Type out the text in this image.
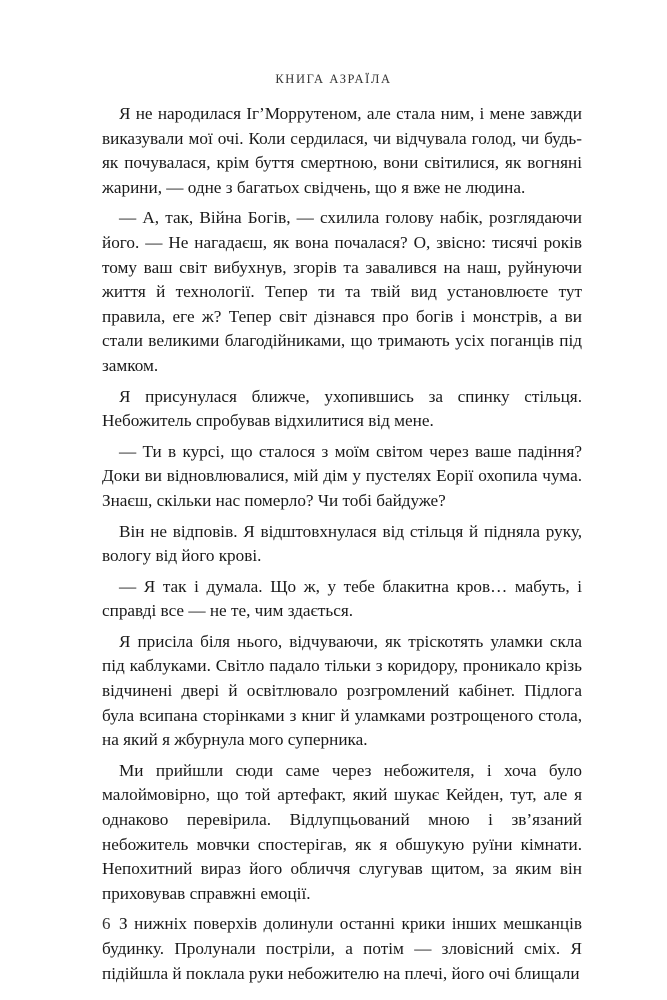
КНИГА АЗРАЇЛА

Я не народилася Іг’Моррутеном, але стала ним, і мене завжди виказували мої очі. Коли сердилася, чи відчувала голод, чи будь-як почувалася, крім буття смертною, вони світилися, як вогняні жарини, — одне з багатьох свідчень, що я вже не людина.

— А, так, Війна Богів, — схилила голову набік, розглядаючи його. — Не нагадаєш, як вона почалася? О, звісно: тисячі років тому ваш світ вибухнув, згорів та завалився на наш, руйнуючи життя й технології. Тепер ти та твій вид установлюєте тут правила, еге ж? Тепер світ дізнався про богів і монстрів, а ви стали великими благодійниками, що тримають усіх поганців під замком.

Я присунулася ближче, ухопившись за спинку стільця. Небожитель спробував відхилитися від мене.

— Ти в курсі, що сталося з моїм світом через ваше падіння? Доки ви відновлювалися, мій дім у пустелях Еорії охопила чума. Знаєш, скільки нас померло? Чи тобі байдуже?

Він не відповів. Я відштовхнулася від стільця й підняла руку, вологу від його крові.

— Я так і думала. Що ж, у тебе блакитна кров… мабуть, і справді все — не те, чим здається.

Я присіла біля нього, відчуваючи, як тріскотять уламки скла під каблуками. Світло падало тільки з коридору, проникало крізь відчинені двері й освітлювало розгромлений кабінет. Підлога була всипана сторінками з книг й уламками розтрощеного стола, на який я жбурнула мого суперника.

Ми прийшли сюди саме через небожителя, і хоча було малоймовірно, що той артефакт, який шукає Кейден, тут, але я однаково перевірила. Відлупцьований мною і зв’язаний небожитель мовчки спостерігав, як я обшукую руїни кімнати. Непохитний вираз його обличчя слугував щитом, за яким він приховував справжні емоції.

З нижніх поверхів долинули останні крики інших мешканців будинку. Пролунали постріли, а потім — зловісний сміх. Я підійшла й поклала руки небожителю на плечі, його очі блищали

6
